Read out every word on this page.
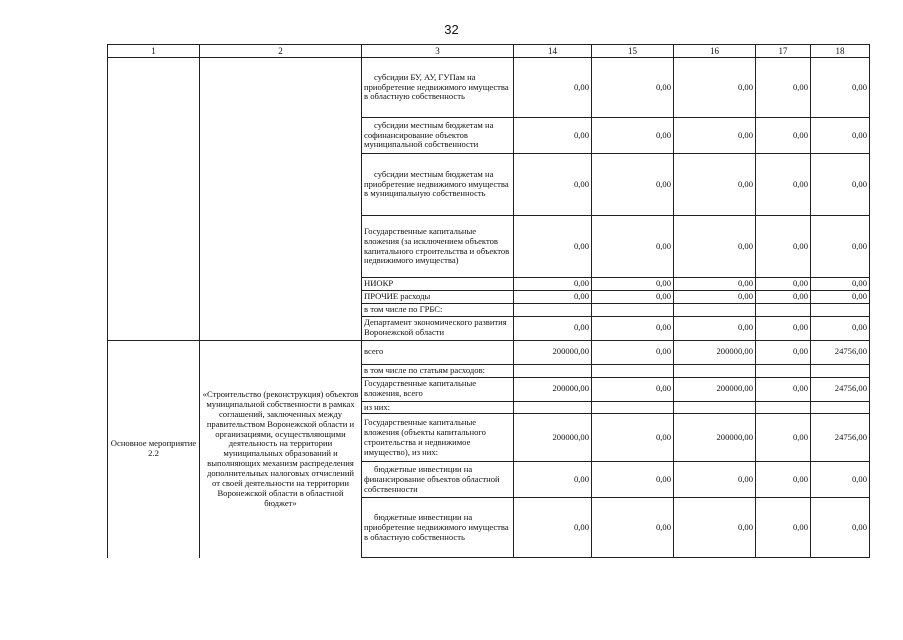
32
1	2	3	14	15	16	17	18
		субсидии БУ, АУ, ГУПам на приобретение недвижимого имущества в областную собственность	0,00	0,00	0,00	0,00	0,00
		субсидии местным бюджетам на софинансирование объектов муниципальной собственности	0,00	0,00	0,00	0,00	0,00
		субсидии местным бюджетам на приобретение недвижимого имущества в муниципальную собственность	0,00	0,00	0,00	0,00	0,00
		Государственные капитальные вложения (за исключением объектов капитального строительства и объектов недвижимого имущества)	0,00	0,00	0,00	0,00	0,00
		НИОКР	0,00	0,00	0,00	0,00	0,00
		ПРОЧИЕ расходы	0,00	0,00	0,00	0,00	0,00
		в том числе по ГРБС:					
		Департамент экономического развития Воронежской области	0,00	0,00	0,00	0,00	0,00
Основное мероприятие 2.2	«Строительство (реконструкция) объектов муниципальной собственности в рамках соглашений, заключенных между правительством Воронежской области и организациями, осуществляющими деятельность на территории муниципальных образований и выполняющих механизм распределения дополнительных налоговых отчислений от своей деятельности на территории Воронежской области в областной бюджет»	всего	200000,00	0,00	200000,00	0,00	24756,00
		в том числе по статьям расходов:					
		Государственные капитальные вложения, всего	200000,00	0,00	200000,00	0,00	24756,00
		из них:					
		Государственные капитальные вложения (объекты капитального строительства и недвижимое имущество), из них:	200000,00	0,00	200000,00	0,00	24756,00
		бюджетные инвестиции на финансирование объектов областной собственности	0,00	0,00	0,00	0,00	0,00
		бюджетные инвестиции на приобретение недвижимого имущества в областную собственность	0,00	0,00	0,00	0,00	0,00
